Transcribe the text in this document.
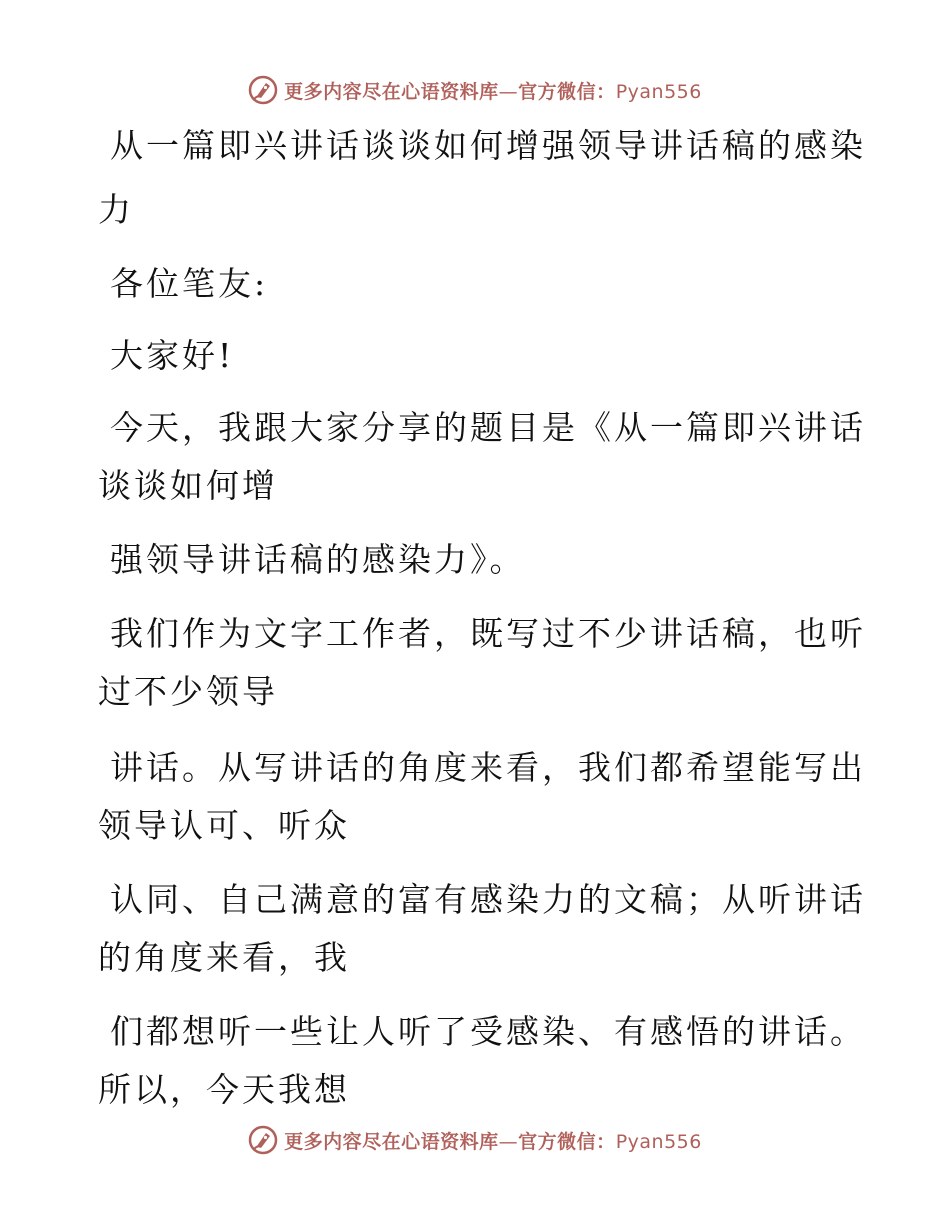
更多内容尽在心语资料库—官方微信：Pyan556
从一篇即兴讲话谈谈如何增强领导讲话稿的感染
力
各位笔友:
大家好!
今天，我跟大家分享的题目是《从一篇即兴讲话
谈谈如何增
强领导讲话稿的感染力》。
我们作为文字工作者，既写过不少讲话稿，也听
过不少领导
讲话。从写讲话的角度来看，我们都希望能写出
领导认可、听众
认同、自己满意的富有感染力的文稿；从听讲话
的角度来看，我
们都想听一些让人听了受感染、有感悟的讲话。
所以，今天我想
更多内容尽在心语资料库—官方微信：Pyan556
